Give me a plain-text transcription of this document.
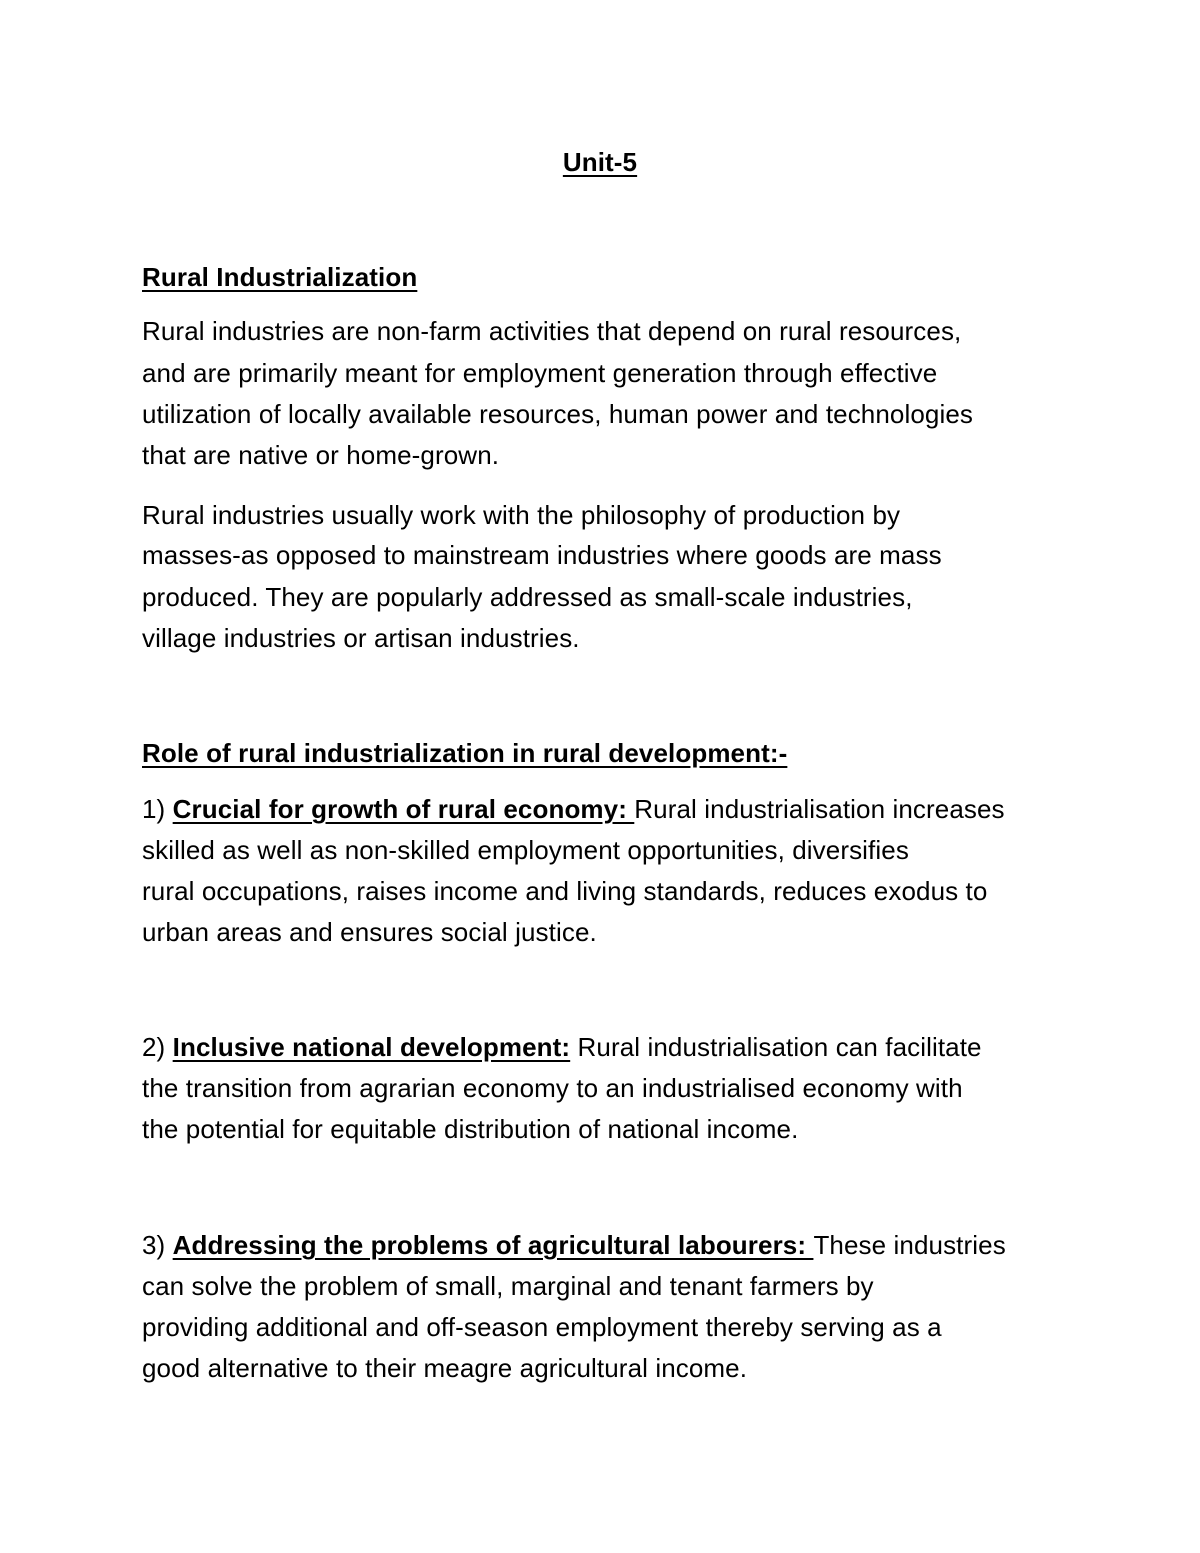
Unit-5

Rural Industrialization

Rural industries are non-farm activities that depend on rural resources,

and are primarily meant for employment generation through effective

utilization of locally available resources, human power and technologies

that are native or home-grown.

Rural industries usually work with the philosophy of production by

masses-as opposed to mainstream industries where goods are mass

produced. They are popularly addressed as small-scale industries,

village industries or artisan industries.

Role of rural industrialization in rural development:-

1) Crucial for growth of rural economy: Rural industrialisation increases

skilled as well as non-skilled employment opportunities, diversifies

rural occupations, raises income and living standards, reduces exodus to

urban areas and ensures social justice.

2) Inclusive national development: Rural industrialisation can facilitate

the transition from agrarian economy to an industrialised economy with

the potential for equitable distribution of national income.

3) Addressing the problems of agricultural labourers: These industries

can solve the problem of small, marginal and tenant farmers by

providing additional and off-season employment thereby serving as a

good alternative to their meagre agricultural income.
